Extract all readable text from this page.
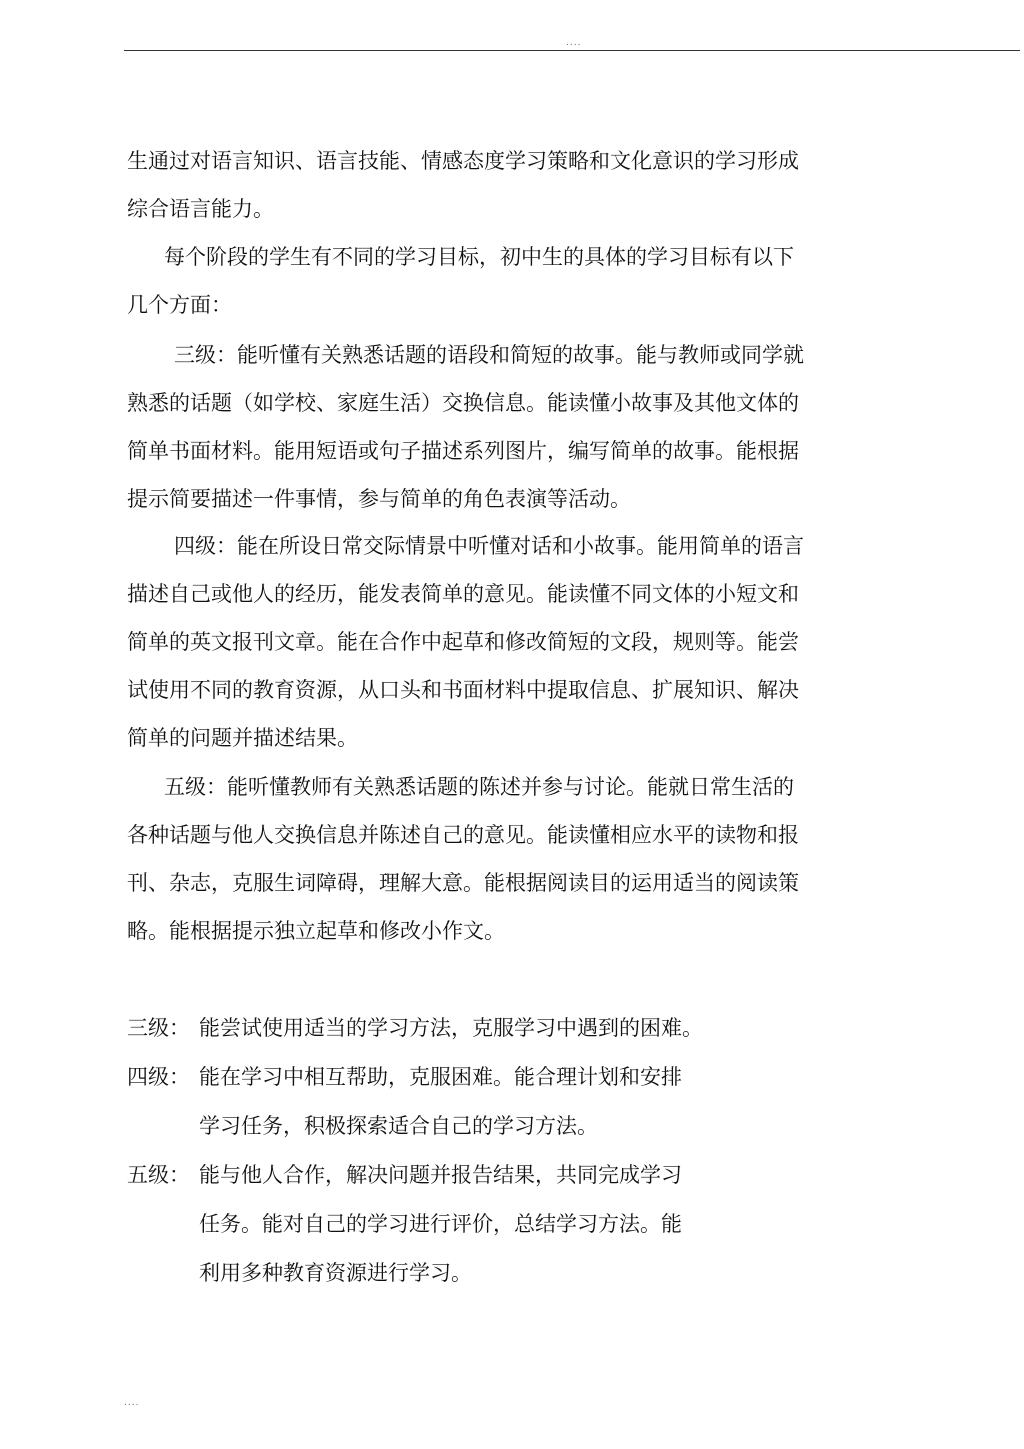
....
生通过对语言知识、语言技能、情感态度学习策略和文化意识的学习形成
综合语言能力。
每个阶段的学生有不同的学习目标，初中生的具体的学习目标有以下
几个方面：
三级：能听懂有关熟悉话题的语段和简短的故事。能与教师或同学就
熟悉的话题（如学校、家庭生活）交换信息。能读懂小故事及其他文体的
简单书面材料。能用短语或句子描述系列图片，编写简单的故事。能根据
提示简要描述一件事情，参与简单的角色表演等活动。
四级：能在所设日常交际情景中听懂对话和小故事。能用简单的语言
描述自己或他人的经历，能发表简单的意见。能读懂不同文体的小短文和
简单的英文报刊文章。能在合作中起草和修改简短的文段，规则等。能尝
试使用不同的教育资源，从口头和书面材料中提取信息、扩展知识、解决
简单的问题并描述结果。
五级：能听懂教师有关熟悉话题的陈述并参与讨论。能就日常生活的
各种话题与他人交换信息并陈述自己的意见。能读懂相应水平的读物和报
刊、杂志，克服生词障碍，理解大意。能根据阅读目的运用适当的阅读策
略。能根据提示独立起草和修改小作文。
三级： 能尝试使用适当的学习方法，克服学习中遇到的困难。
四级： 能在学习中相互帮助，克服困难。能合理计划和安排
学习任务，积极探索适合自己的学习方法。
五级： 能与他人合作，解决问题并报告结果，共同完成学习
任务。能对自己的学习进行评价，总结学习方法。能
利用多种教育资源进行学习。
....
